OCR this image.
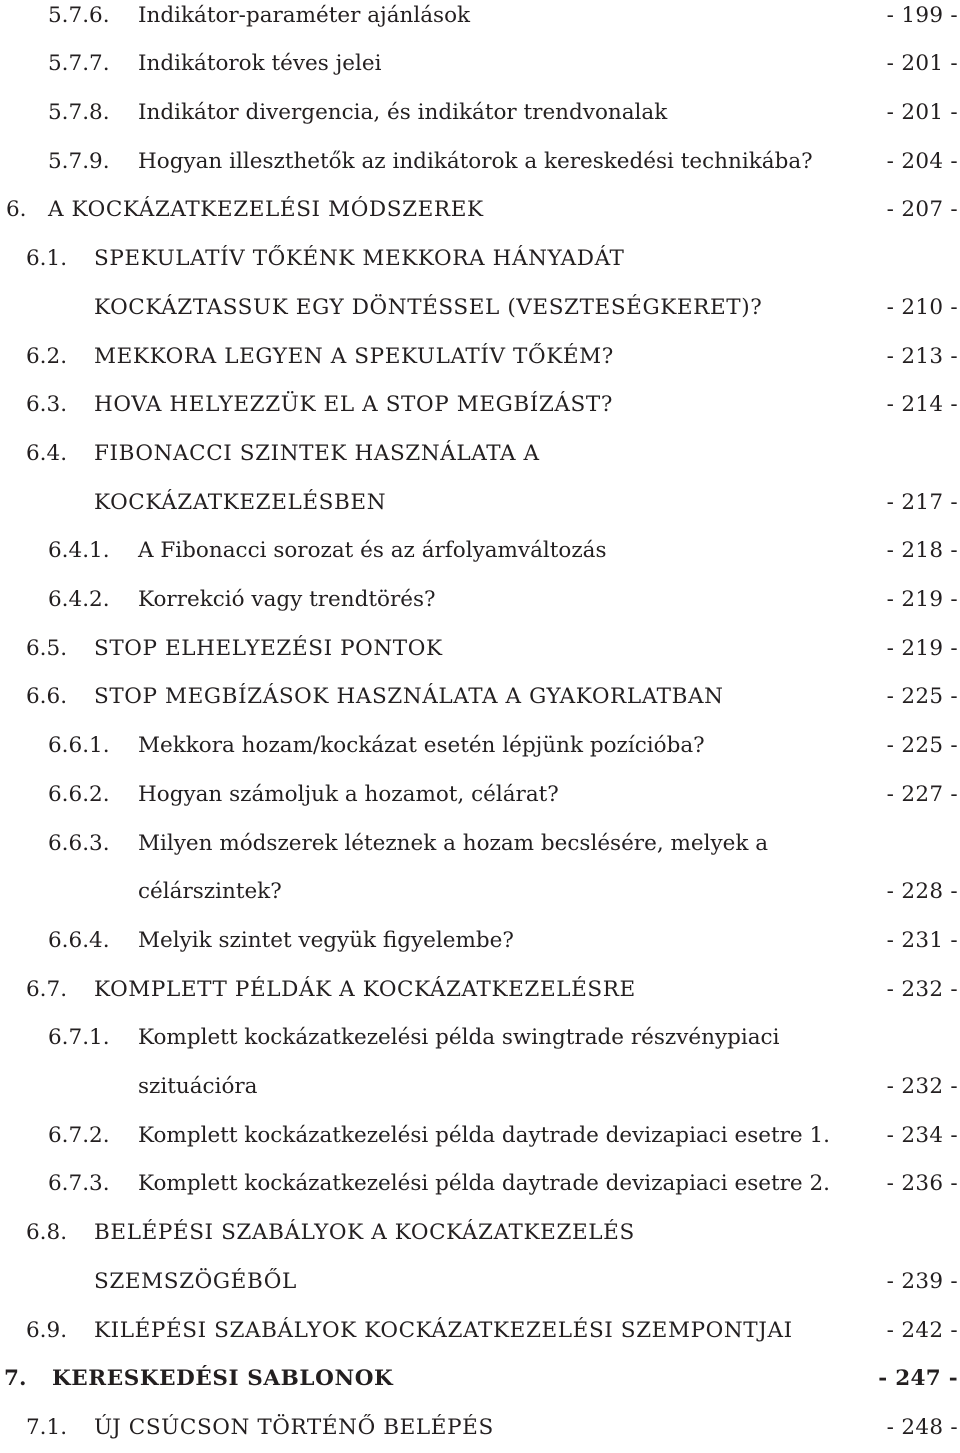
5.7.6. Indikátor-paraméter ajánlások	- 199 -
5.7.7. Indikátorok téves jelei	- 201 -
5.7.8. Indikátor divergencia, és indikátor trendvonalak	- 201 -
5.7.9. Hogyan illeszthetők az indikátorok a kereskedési technikába?	- 204 -
6. A KOCKÁZATKEZELÉSI MÓDSZEREK	- 207 -
6.1. SPEKULATÍV TŐKÉNK MEKKORA HÁNYADÁT
KOCKÁZTASSUK EGY DÖNTÉSSEL (VESZTESÉGKERET)?	- 210 -
6.2. MEKKORA LEGYEN A SPEKULATÍV TŐKÉM?	- 213 -
6.3. HOVA HELYEZZÜK EL A STOP MEGBÍZÁST?	- 214 -
6.4. FIBONACCI SZINTEK HASZNÁLATA A
KOCKÁZATKEZELÉSBEN	- 217 -
6.4.1. A Fibonacci sorozat és az árfolyamváltozás	- 218 -
6.4.2. Korrekció vagy trendtörés?	- 219 -
6.5. STOP ELHELYEZÉSI PONTOK	- 219 -
6.6. STOP MEGBÍZÁSOK HASZNÁLATA A GYAKORLATBAN	- 225 -
6.6.1. Mekkora hozam/kockázat esetén lépjünk pozícióba?	- 225 -
6.6.2. Hogyan számoljuk a hozamot, célárat?	- 227 -
6.6.3. Milyen módszerek léteznek a hozam becslésére, melyek a
célárszintek?	- 228 -
6.6.4. Melyik szintet vegyük figyelembe?	- 231 -
6.7. KOMPLETT PÉLDÁK A KOCKÁZATKEZELÉSRE	- 232 -
6.7.1. Komplett kockázatkezelési példa swingtrade részvénypiaci
szituációra	- 232 -
6.7.2. Komplett kockázatkezelési példa daytrade devizapiaci esetre 1.	- 234 -
6.7.3. Komplett kockázatkezelési példa daytrade devizapiaci esetre 2.	- 236 -
6.8. BELÉPÉSI SZABÁLYOK A KOCKÁZATKEZELÉS
SZEMSZÖGÉBŐL	- 239 -
6.9. KILÉPÉSI SZABÁLYOK KOCKÁZATKEZELÉSI SZEMPONTJAI	- 242 -
7. KERESKEDÉSI SABLONOK	- 247 -
7.1. ÚJ CSÚCSON TÖRTÉNŐ BELÉPÉS	- 248 -
